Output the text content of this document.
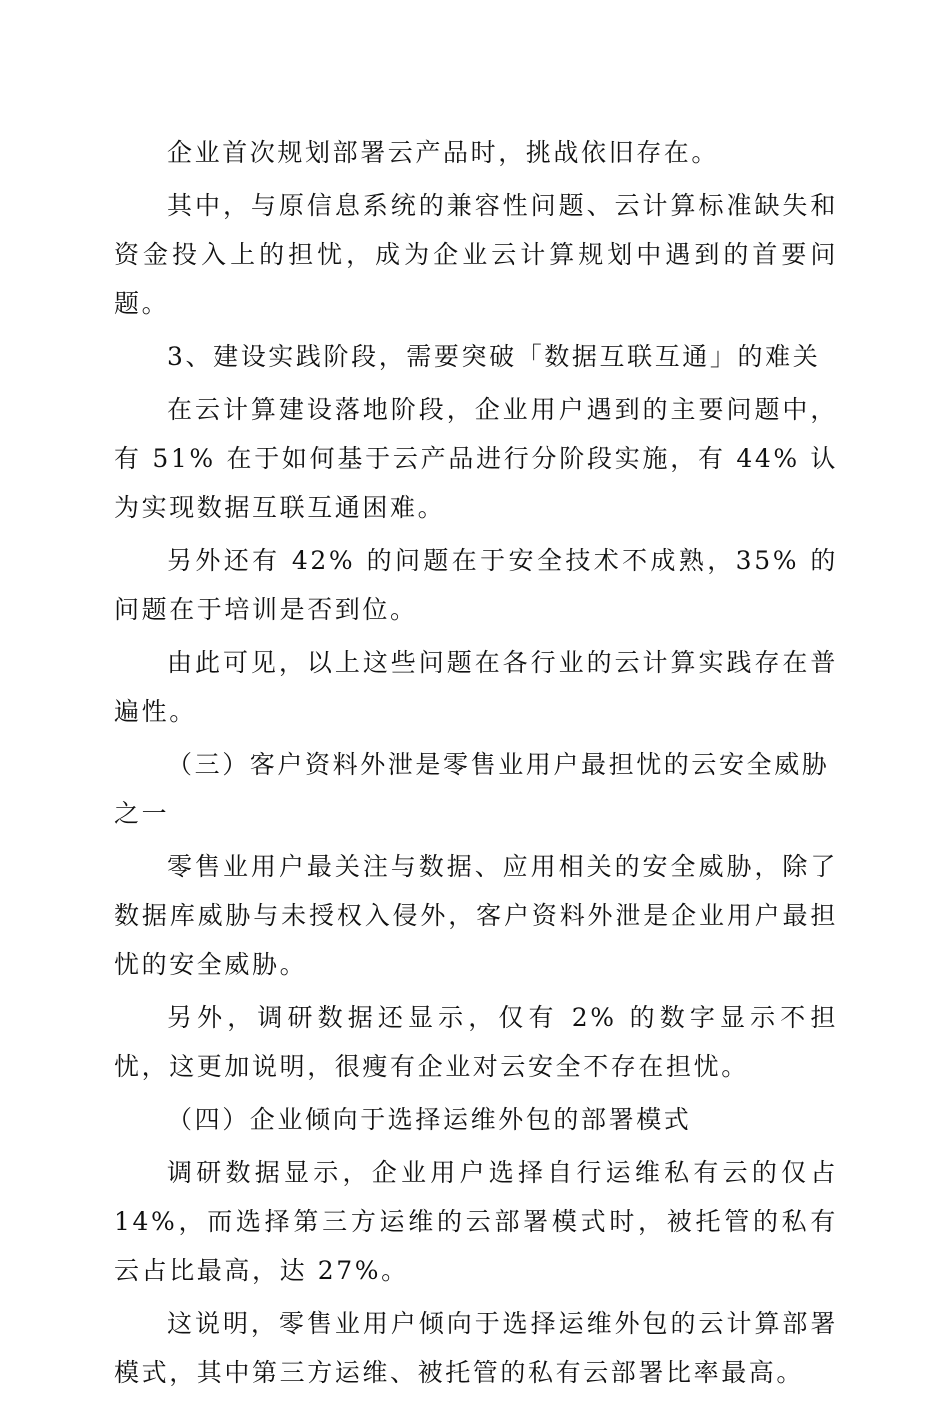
企业首次规划部署云产品时，挑战依旧存在。

其中，与原信息系统的兼容性问题、云计算标准缺失和资金投入上的担忧，成为企业云计算规划中遇到的首要问题。

3、建设实践阶段，需要突破「数据互联互通」的难关

在云计算建设落地阶段，企业用户遇到的主要问题中，有 51% 在于如何基于云产品进行分阶段实施，有 44% 认为实现数据互联互通困难。

另外还有 42% 的问题在于安全技术不成熟，35% 的问题在于培训是否到位。

由此可见，以上这些问题在各行业的云计算实践存在普遍性。

（三）客户资料外泄是零售业用户最担忧的云安全威胁之一

零售业用户最关注与数据、应用相关的安全威胁，除了数据库威胁与未授权入侵外，客户资料外泄是企业用户最担忧的安全威胁。

另外，调研数据还显示，仅有 2% 的数字显示不担忧，这更加说明，很瘦有企业对云安全不存在担忧。

（四）企业倾向于选择运维外包的部署模式

调研数据显示，企业用户选择自行运维私有云的仅占 14%，而选择第三方运维的云部署模式时，被托管的私有云占比最高，达 27%。

这说明，零售业用户倾向于选择运维外包的云计算部署模式，其中第三方运维、被托管的私有云部署比率最高。
